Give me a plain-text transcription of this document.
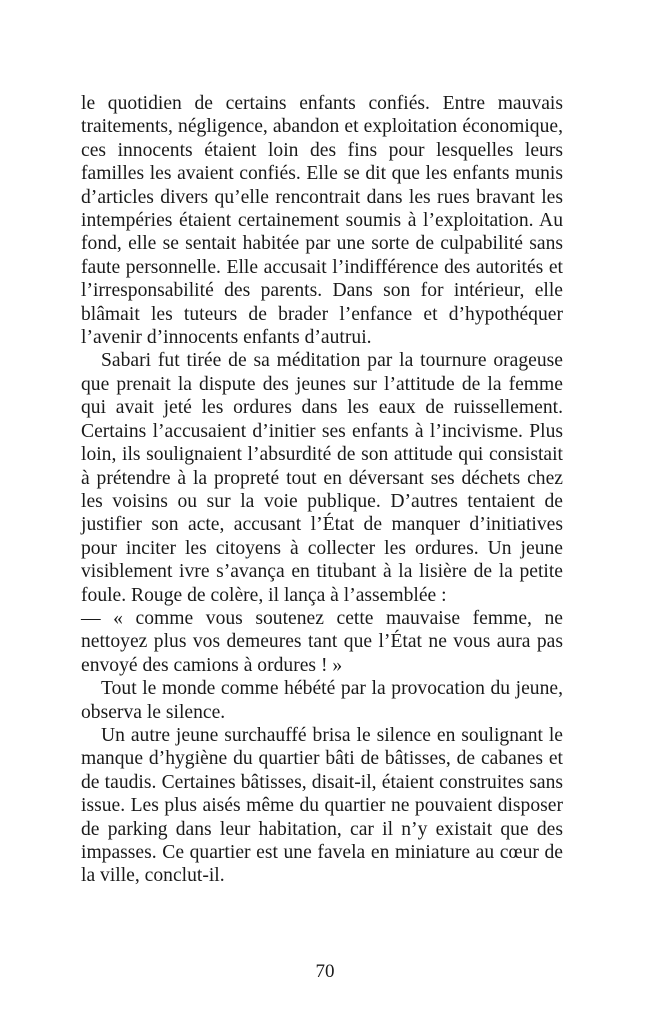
le quotidien de certains enfants confiés. Entre mauvais traitements, négligence, abandon et exploitation économique, ces innocents étaient loin des fins pour lesquelles leurs familles les avaient confiés. Elle se dit que les enfants munis d’articles divers qu’elle rencontrait dans les rues bravant les intempéries étaient certainement soumis à l’exploitation. Au fond, elle se sentait habitée par une sorte de culpabilité sans faute personnelle. Elle accusait l’indifférence des autorités et l’irresponsabilité des parents. Dans son for intérieur, elle blâmait les tuteurs de brader l’enfance et d’hypothéquer l’avenir d’innocents enfants d’autrui.

Sabari fut tirée de sa méditation par la tournure orageuse que prenait la dispute des jeunes sur l’attitude de la femme qui avait jeté les ordures dans les eaux de ruissellement. Certains l’accusaient d’initier ses enfants à l’incivisme. Plus loin, ils soulignaient l’absurdité de son attitude qui consistait à prétendre à la propreté tout en déversant ses déchets chez les voisins ou sur la voie publique. D’autres tentaient de justifier son acte, accusant l’État de manquer d’initiatives pour inciter les citoyens à collecter les ordures. Un jeune visiblement ivre s’avança en titubant à la lisière de la petite foule. Rouge de colère, il lança à l’assemblée :

— « comme vous soutenez cette mauvaise femme, ne nettoyez plus vos demeures tant que l’État ne vous aura pas envoyé des camions à ordures ! »

Tout le monde comme hébété par la provocation du jeune, observa le silence.

Un autre jeune surchauffé brisa le silence en soulignant le manque d’hygiène du quartier bâti de bâtisses, de cabanes et de taudis. Certaines bâtisses, disait-il, étaient construites sans issue. Les plus aisés même du quartier ne pouvaient disposer de parking dans leur habitation, car il n’y existait que des impasses. Ce quartier est une favela en miniature au cœur de la ville, conclut-il.

70
